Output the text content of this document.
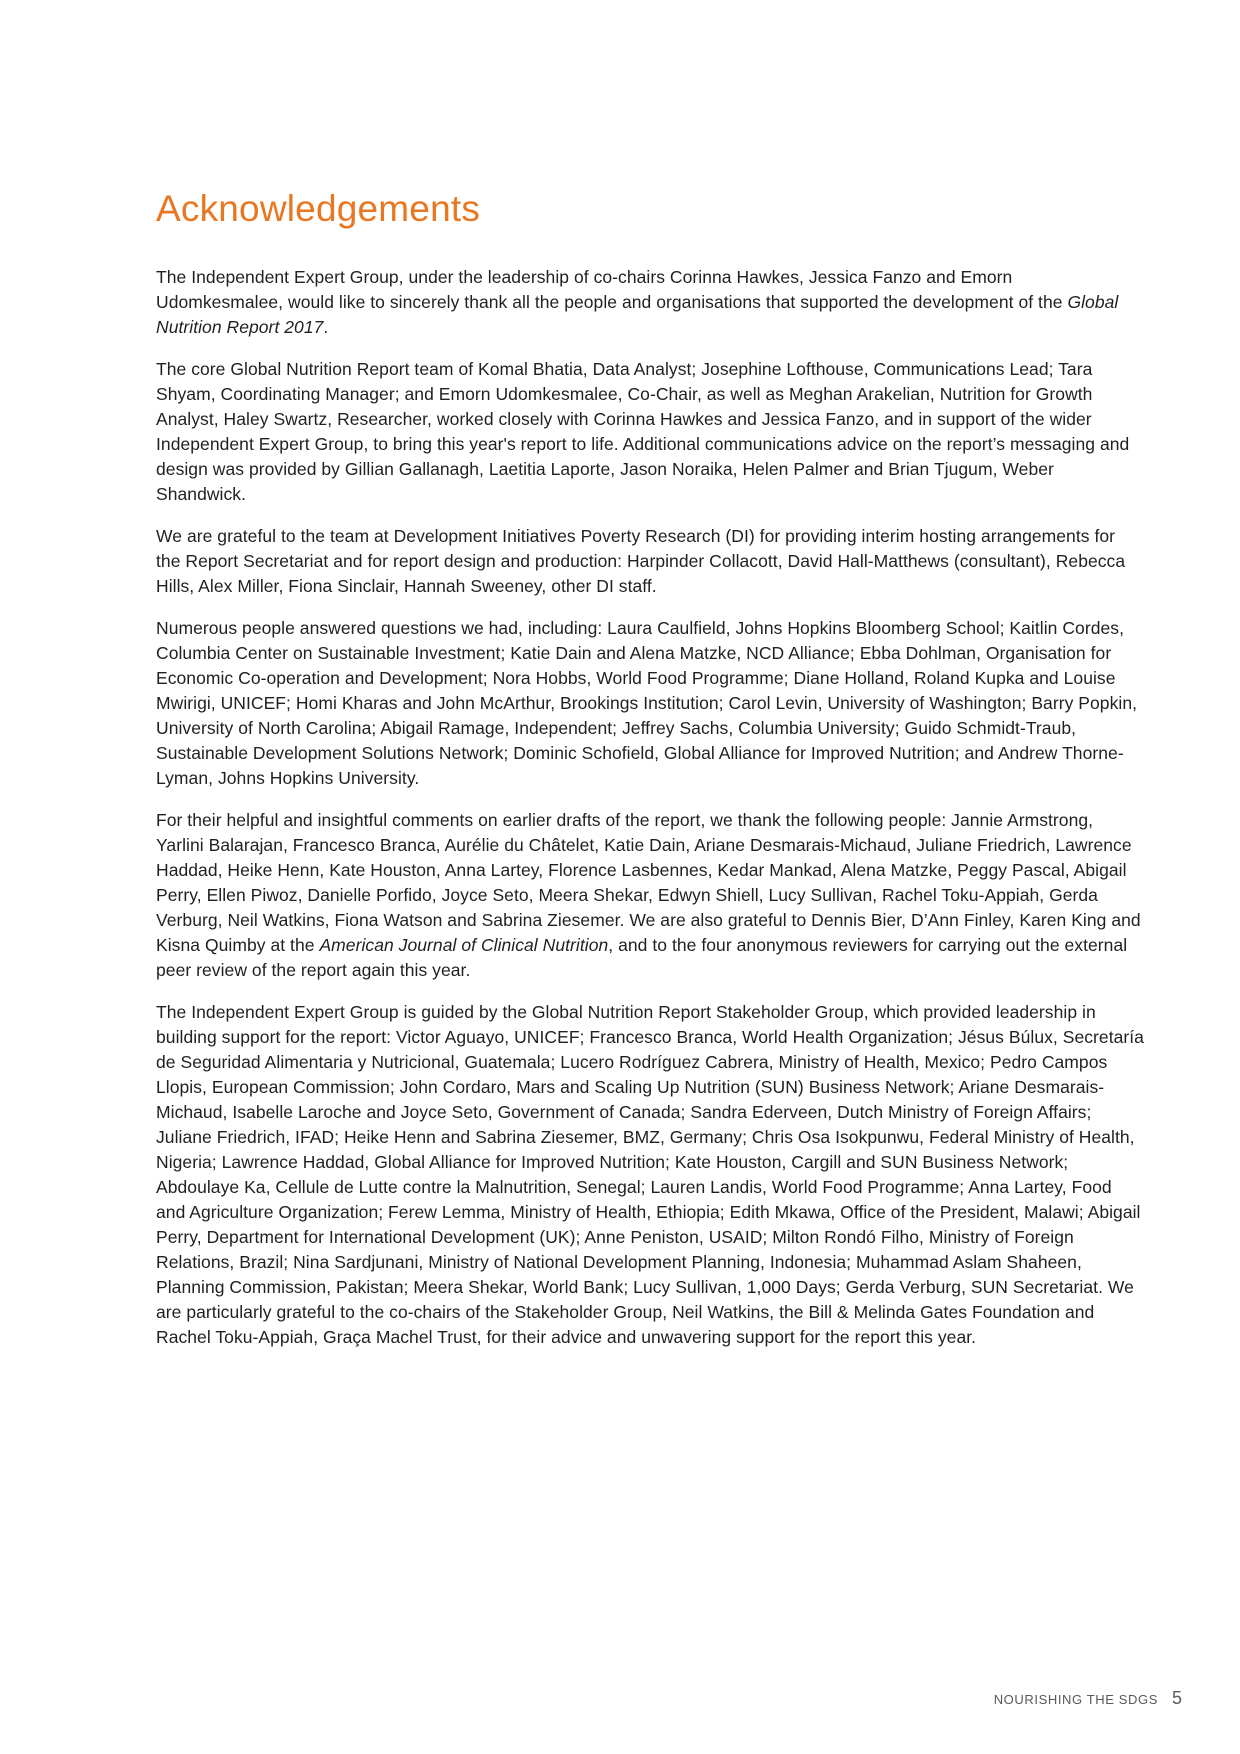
Acknowledgements

The Independent Expert Group, under the leadership of co-chairs Corinna Hawkes, Jessica Fanzo and Emorn Udomkesmalee, would like to sincerely thank all the people and organisations that supported the development of the Global Nutrition Report 2017.

The core Global Nutrition Report team of Komal Bhatia, Data Analyst; Josephine Lofthouse, Communications Lead; Tara Shyam, Coordinating Manager; and Emorn Udomkesmalee, Co-Chair, as well as Meghan Arakelian, Nutrition for Growth Analyst, Haley Swartz, Researcher, worked closely with Corinna Hawkes and Jessica Fanzo, and in support of the wider Independent Expert Group, to bring this year's report to life. Additional communications advice on the report’s messaging and design was provided by Gillian Gallanagh, Laetitia Laporte, Jason Noraika, Helen Palmer and Brian Tjugum, Weber Shandwick.

We are grateful to the team at Development Initiatives Poverty Research (DI) for providing interim hosting arrangements for the Report Secretariat and for report design and production: Harpinder Collacott, David Hall-Matthews (consultant), Rebecca Hills, Alex Miller, Fiona Sinclair, Hannah Sweeney, other DI staff.

Numerous people answered questions we had, including: Laura Caulfield, Johns Hopkins Bloomberg School; Kaitlin Cordes, Columbia Center on Sustainable Investment; Katie Dain and Alena Matzke, NCD Alliance; Ebba Dohlman, Organisation for Economic Co-operation and Development; Nora Hobbs, World Food Programme; Diane Holland, Roland Kupka and Louise Mwirigi, UNICEF; Homi Kharas and John McArthur, Brookings Institution; Carol Levin, University of Washington; Barry Popkin, University of North Carolina; Abigail Ramage, Independent; Jeffrey Sachs, Columbia University; Guido Schmidt-Traub, Sustainable Development Solutions Network; Dominic Schofield, Global Alliance for Improved Nutrition; and Andrew Thorne-Lyman, Johns Hopkins University.

For their helpful and insightful comments on earlier drafts of the report, we thank the following people: Jannie Armstrong, Yarlini Balarajan, Francesco Branca, Aurélie du Châtelet, Katie Dain, Ariane Desmarais-Michaud, Juliane Friedrich, Lawrence Haddad, Heike Henn, Kate Houston, Anna Lartey, Florence Lasbennes, Kedar Mankad, Alena Matzke, Peggy Pascal, Abigail Perry, Ellen Piwoz, Danielle Porfido, Joyce Seto, Meera Shekar, Edwyn Shiell, Lucy Sullivan, Rachel Toku-Appiah, Gerda Verburg, Neil Watkins, Fiona Watson and Sabrina Ziesemer. We are also grateful to Dennis Bier, D’Ann Finley, Karen King and Kisna Quimby at the American Journal of Clinical Nutrition, and to the four anonymous reviewers for carrying out the external peer review of the report again this year.

The Independent Expert Group is guided by the Global Nutrition Report Stakeholder Group, which provided leadership in building support for the report: Victor Aguayo, UNICEF; Francesco Branca, World Health Organization; Jésus Búlux, Secretaría de Seguridad Alimentaria y Nutricional, Guatemala; Lucero Rodríguez Cabrera, Ministry of Health, Mexico; Pedro Campos Llopis, European Commission; John Cordaro, Mars and Scaling Up Nutrition (SUN) Business Network; Ariane Desmarais-Michaud, Isabelle Laroche and Joyce Seto, Government of Canada; Sandra Ederveen, Dutch Ministry of Foreign Affairs; Juliane Friedrich, IFAD; Heike Henn and Sabrina Ziesemer, BMZ, Germany; Chris Osa Isokpunwu, Federal Ministry of Health, Nigeria; Lawrence Haddad, Global Alliance for Improved Nutrition; Kate Houston, Cargill and SUN Business Network; Abdoulaye Ka, Cellule de Lutte contre la Malnutrition, Senegal; Lauren Landis, World Food Programme; Anna Lartey, Food and Agriculture Organization; Ferew Lemma, Ministry of Health, Ethiopia; Edith Mkawa, Office of the President, Malawi; Abigail Perry, Department for International Development (UK); Anne Peniston, USAID; Milton Rondó Filho, Ministry of Foreign Relations, Brazil; Nina Sardjunani, Ministry of National Development Planning, Indonesia; Muhammad Aslam Shaheen, Planning Commission, Pakistan; Meera Shekar, World Bank; Lucy Sullivan, 1,000 Days; Gerda Verburg, SUN Secretariat. We are particularly grateful to the co-chairs of the Stakeholder Group, Neil Watkins, the Bill & Melinda Gates Foundation and Rachel Toku-Appiah, Graça Machel Trust, for their advice and unwavering support for the report this year.

NOURISHING THE SDGS 5
